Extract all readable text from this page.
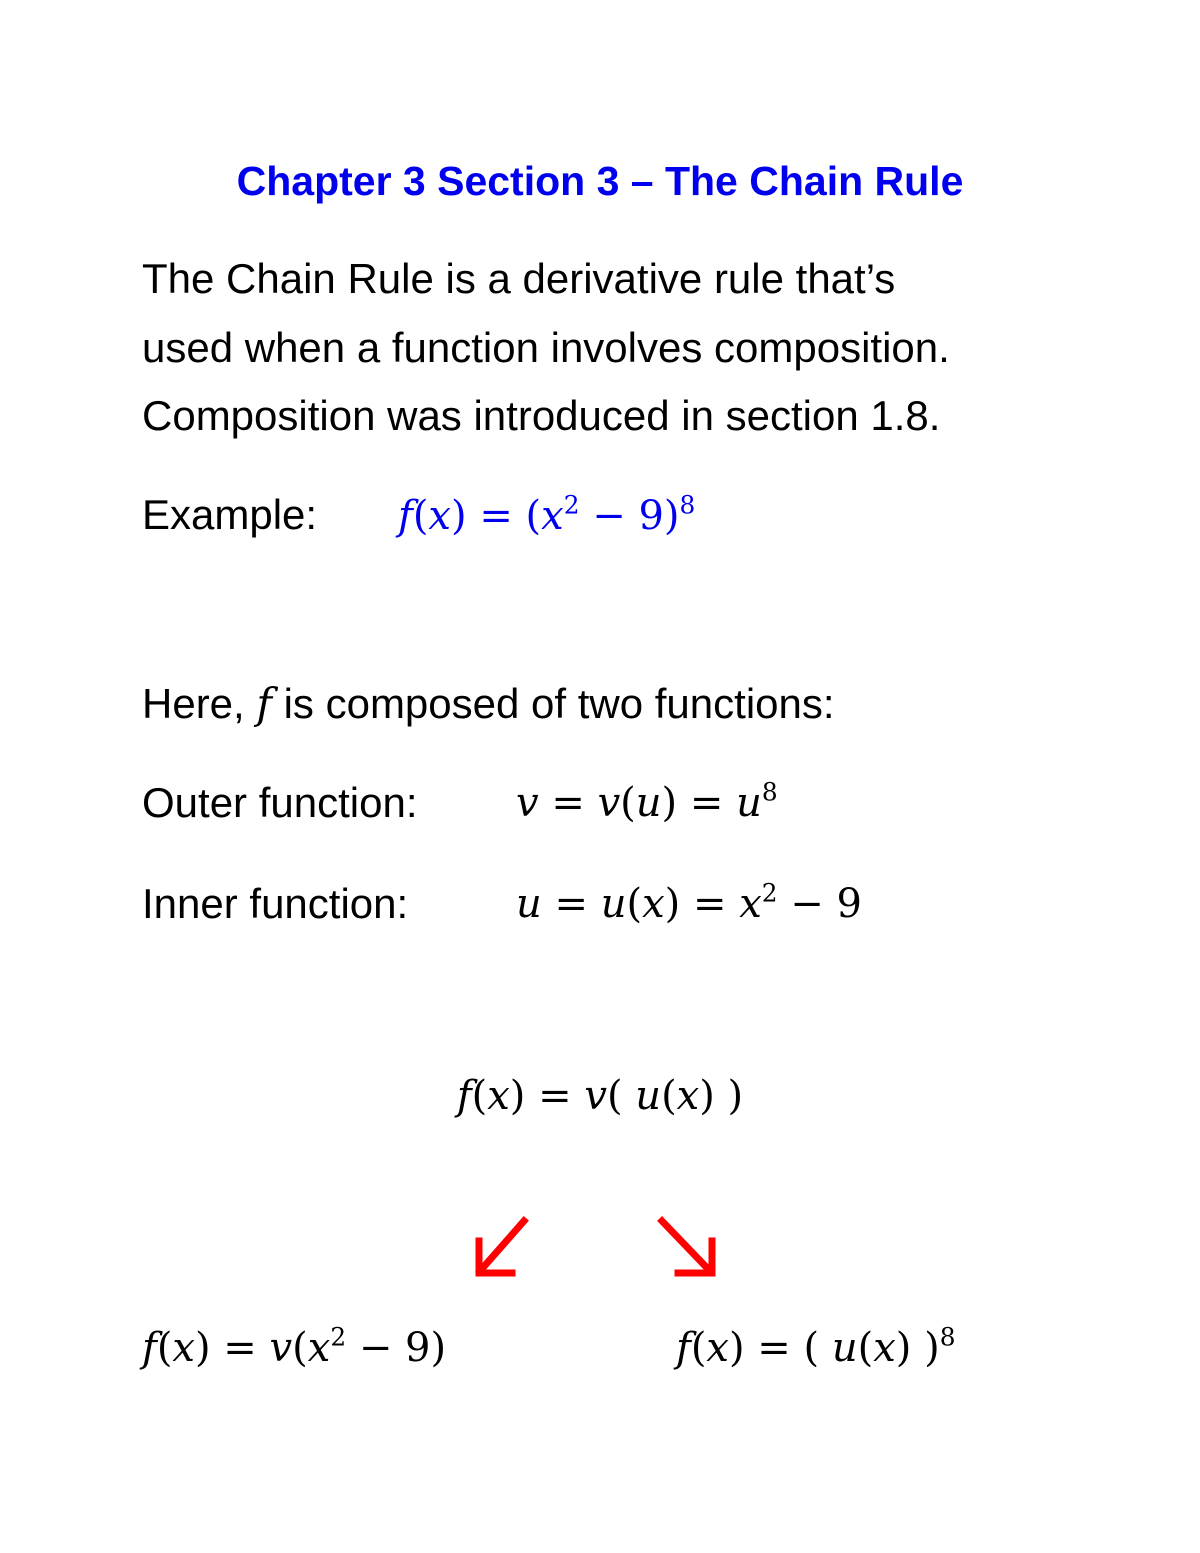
Chapter 3 Section 3 – The Chain Rule
The Chain Rule is a derivative rule that’s
used when a function involves composition.
Composition was introduced in section 1.8.
Example: $f(x) = (x^2 - 9)^8$
Here, f is composed of two functions:
Outer function: $v = v(u) = u^8$
Inner function:	$u = u(x) = x^2 - 9$
f(x) = v( u(x) )
$f(x) = v(x^2 - 9)$	f(x) = ( u(x) )$^8$
